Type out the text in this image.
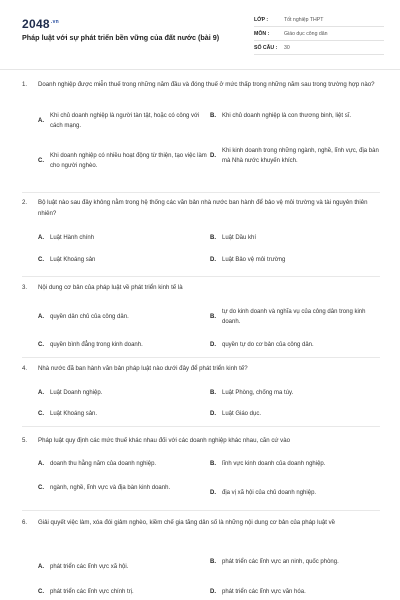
$2048^{.vn}$
Pháp luật với sự phát triển bền vững của đất nước (bài 9)
LỚP :	Tốt nghiệp THPT
MÔN :	Giáo dục công dân
SỐ CÂU :	30
1.	Doanh nghiệp được miễn thuế trong những năm đầu và đóng thuế ở mức thấp trong những năm sau trong trường hợp nào?
A.
Khi chủ doanh nghiệp là người tàn tật, hoặc có công với cách mạng.
B.	Khi chủ doanh nghiệp là con thương binh, liệt sĩ.
C.
Khi doanh nghiệp có nhiều hoạt động từ thiện, tạo việc làm cho người nghèo.
D.
Khi kinh doanh trong những ngành, nghề, lĩnh vực, địa bàn mà Nhà nước khuyến khích.
2.	Bộ luật nào sau đây không nằm trong hệ thống các văn bản nhà nước ban hành để bảo vệ môi trường và tài nguyên thiên nhiên?
A.	Luật Hành chính	B.	Luật Dầu khí
C.	Luật Khoáng sản	D.	Luật Bảo vệ môi trường
3.	Nội dung cơ bản của pháp luật về phát triển kinh tế là
A.	quyền dân chủ của công dân.	B.
tự do kinh doanh và nghĩa vụ của công dân trong kinh doanh.
C.	quyền bình đẳng trong kinh doanh.	D.	quyền tự do cơ bản của công dân.
4.	Nhà nước đã ban hành văn bản pháp luật nào dưới đây để phát triển kinh tế?
A.	Luật Doanh nghiệp.	B.	Luật Phòng, chống ma túy.
C.	Luật Khoáng sản.	D.	Luật Giáo dục.
5.	Pháp luật quy định các mức thuế khác nhau đối với các doanh nghiệp khác nhau, căn cứ vào
A.	doanh thu hằng năm của doanh nghiệp.	B.	lĩnh vực kinh doanh của doanh nghiệp.
C.	ngành, nghề, lĩnh vực và địa bàn kinh doanh.
D.	địa vị xã hội của chủ doanh nghiệp.
6.	Giải quyết việc làm, xóa đói giảm nghèo, kiềm chế gia tăng dân số là những nội dung cơ bản của pháp luật về
A.	phát triển các lĩnh vực xã hội.
B.	phát triển các lĩnh vực an ninh, quốc phòng.
C.	phát triển các lĩnh vực chính trị.	D.	phát triển các lĩnh vực văn hóa.
